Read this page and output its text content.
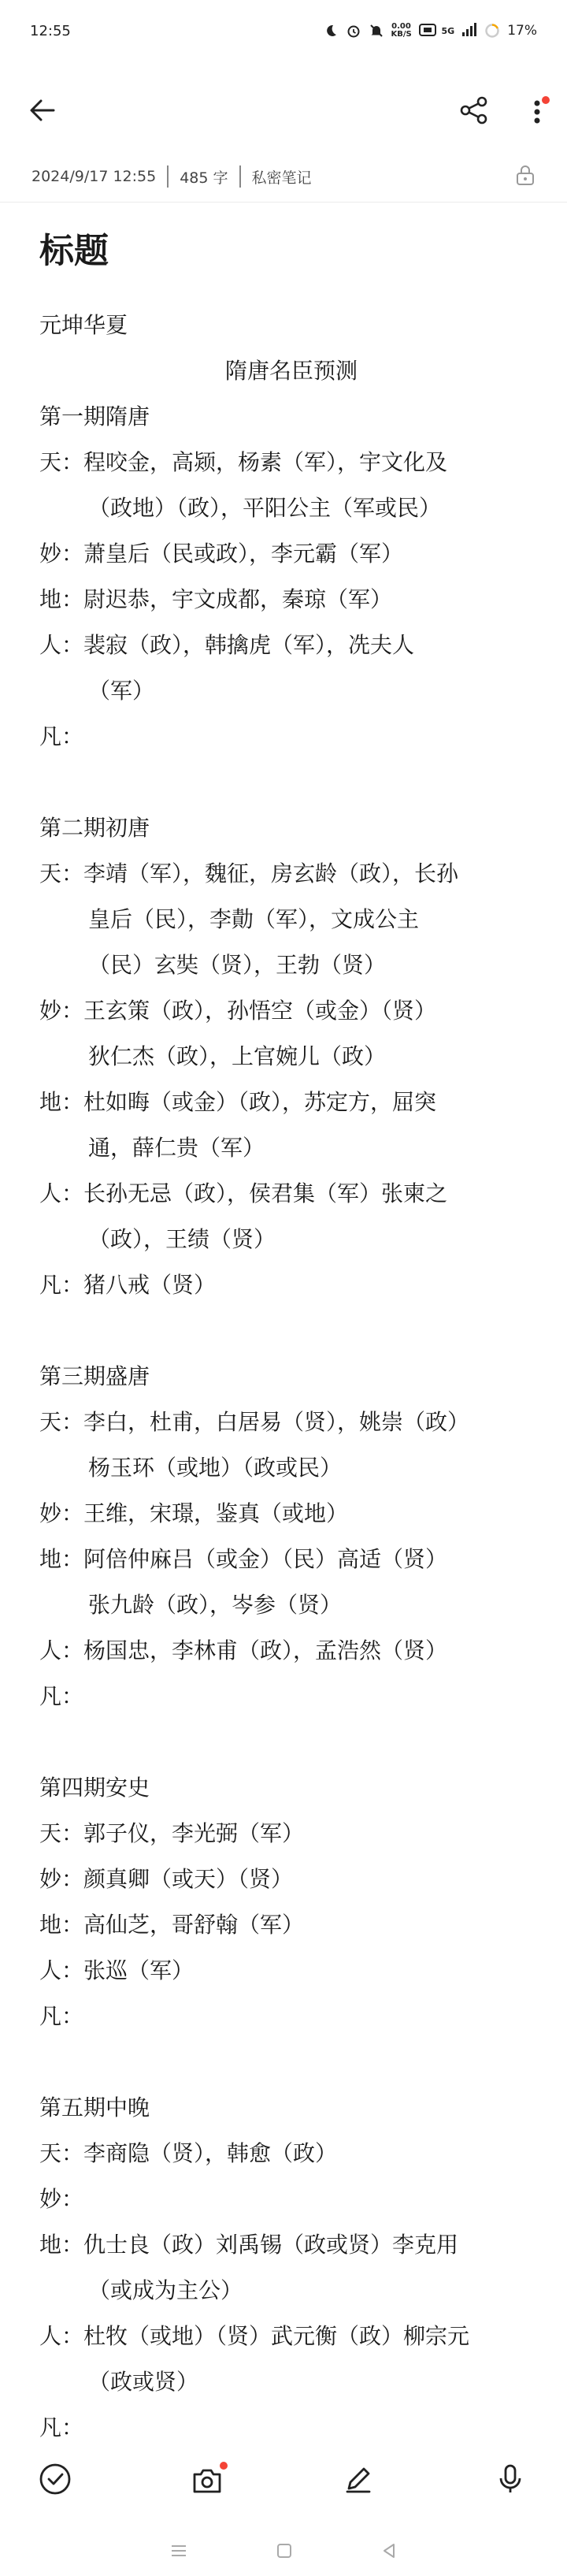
12:55	0.00 KB/S	5G	17%
2024/9/17 12:55 485 字 私密笔记
标题
元坤华夏
隋唐名臣预测
第一期隋唐
天：程咬金，高颎，杨素（军），宇文化及
（政地）（政），平阳公主（军或民）
妙：萧皇后（民或政），李元霸（军）
地：尉迟恭，宇文成都，秦琼（军）
人：裴寂（政），韩擒虎（军），冼夫人
（军）
凡：
第二期初唐
天：李靖（军），魏征，房玄龄（政），长孙
皇后（民），李勣（军），文成公主
（民）玄奘（贤），王勃（贤）
妙：王玄策（政），孙悟空（或金）（贤）
狄仁杰（政），上官婉儿（政）
地：杜如晦（或金）（政），苏定方，屈突
通，薛仁贵（军）
人：长孙无忌（政），侯君集（军）张柬之
（政），王绩（贤）
凡：猪八戒（贤）
第三期盛唐
天：李白，杜甫，白居易（贤），姚崇（政）
杨玉环（或地）（政或民）
妙：王维，宋璟，鉴真（或地）
地：阿倍仲麻吕（或金）（民）高适（贤）
张九龄（政），岑参（贤）
人：杨国忠，李林甫（政），孟浩然（贤）
凡：
第四期安史
天：郭子仪，李光弼（军）
妙：颜真卿（或天）（贤）
地：高仙芝，哥舒翰（军）
人：张巡（军）
凡：
第五期中晚
天：李商隐（贤），韩愈（政）
妙：
地：仇士良（政）刘禹锡（政或贤）李克用
（或成为主公）
人：杜牧（或地）（贤）武元衡（政）柳宗元
（政或贤）
凡：
